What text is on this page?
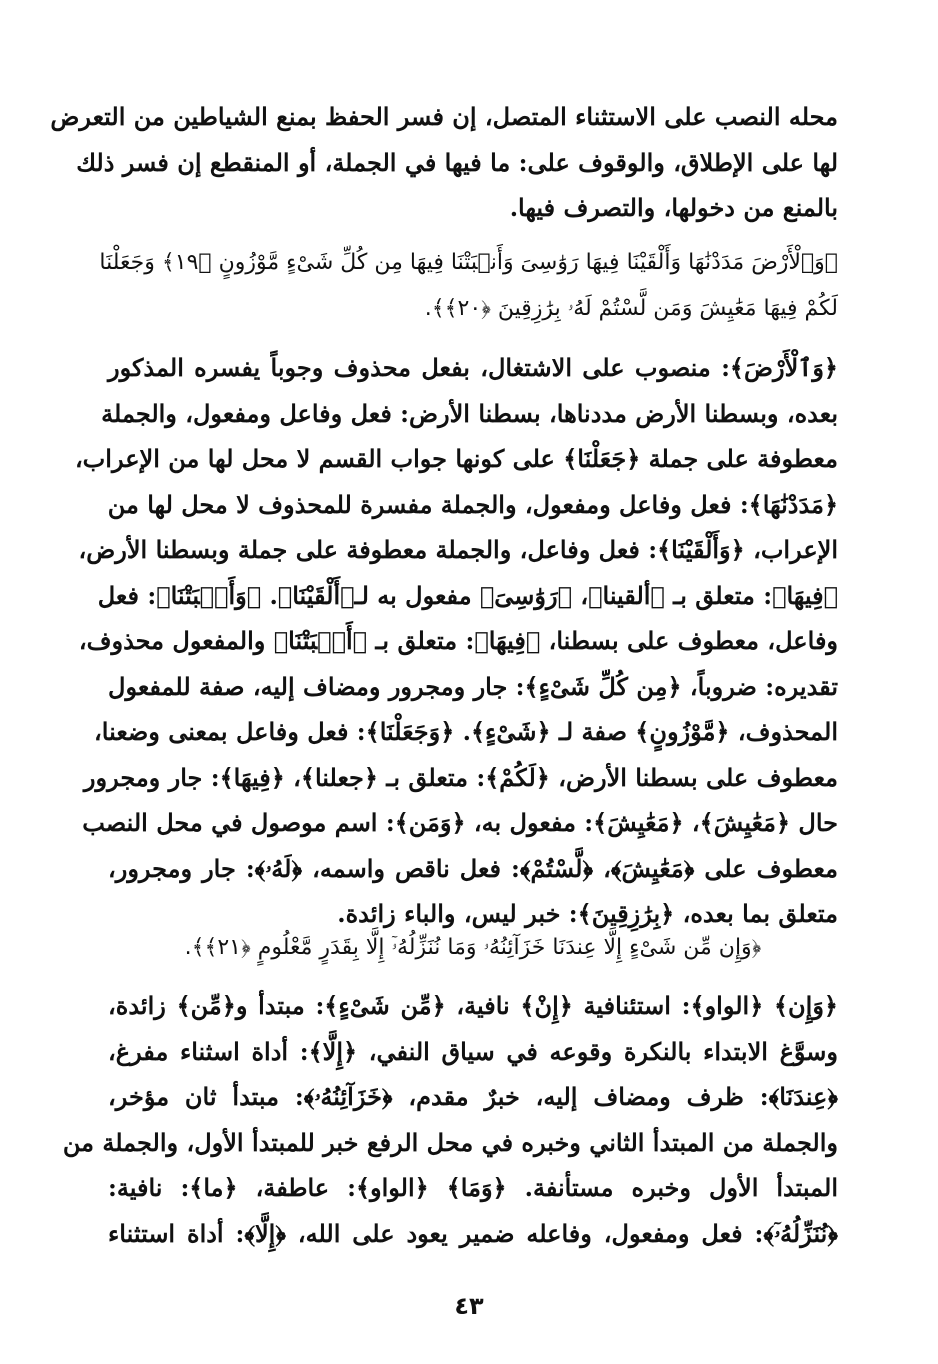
محله النصب على الاستثناء المتصل، إن فسر الحفظ بمنع الشياطين من التعرض
لها على الإطلاق، والوقوف على: ما فيها في الجملة، أو المنقطع إن فسر ذلك
بالمنع من دخولها، والتصرف فيها.
﴿وَٱلْأَرْضَ مَدَدْنَٰهَا وَأَلْقَيْنَا فِيهَا رَوَٰسِىَ وَأَنۢبَتْنَا فِيهَا مِن كُلِّ شَىْءٍ مَّوْزُونٍ ﴿١٩﴾ وَجَعَلْنَا
لَكُمْ فِيهَا مَعَٰيِشَ وَمَن لَّسْتُمْ لَهُۥ بِرَٰزِقِينَ ﴿٢٠﴾﴾.
﴿وَٱلْأَرْضَ﴾: منصوب على الاشتغال، بفعل محذوف وجوباً يفسره المذكور
بعده، وبسطنا الأرض مددناها، بسطنا الأرض: فعل وفاعل ومفعول، والجملة
معطوفة على جملة ﴿جَعَلْنَا﴾ على كونها جواب القسم لا محل لها من الإعراب،
﴿مَدَدْنَٰهَا﴾: فعل وفاعل ومفعول، والجملة مفسرة للمحذوف لا محل لها من
الإعراب، ﴿وَأَلْقَيْنَا﴾: فعل وفاعل، والجملة معطوفة على جملة وبسطنا الأرض،
﴿فِيهَا﴾: متعلق بـ ﴿ألقينا﴾، ﴿رَوَٰسِىَ﴾ مفعول به لـ﴿أَلْقَيْنَا﴾. ﴿وَأَنۢبَتْنَا﴾: فعل
وفاعل، معطوف على بسطنا، ﴿فِيهَا﴾: متعلق بـ ﴿أَنۢبَتْنَا﴾ والمفعول محذوف،
تقديره: ضروباً، ﴿مِن كُلِّ شَىْءٍ﴾: جار ومجرور ومضاف إليه، صفة للمفعول
المحذوف، ﴿مَّوْزُونٍ﴾ صفة لـ ﴿شَىْءٍ﴾. ﴿وَجَعَلْنَا﴾: فعل وفاعل بمعنى وضعنا،
معطوف على بسطنا الأرض، ﴿لَكُمْ﴾: متعلق بـ ﴿جعلنا﴾، ﴿فِيهَا﴾: جار ومجرور
حال ﴿مَعَٰيِشَ﴾، ﴿مَعَٰيِشَ﴾: مفعول به، ﴿وَمَن﴾: اسم موصول في محل النصب
معطوف على ﴿مَعَٰيِشَ﴾، ﴿لَّسْتُمْ﴾: فعل ناقص واسمه، ﴿لَهُۥ﴾: جار ومجرور،
متعلق بما بعده، ﴿بِرَٰزِقِينَ﴾: خبر ليس، والباء زائدة.
﴿وَإِن مِّن شَىْءٍ إِلَّا عِندَنَا خَزَآئِنُهُۥ وَمَا نُنَزِّلُهُۥٓ إِلَّا بِقَدَرٍ مَّعْلُومٍ ﴿٢١﴾﴾.
﴿وَإِن﴾ ﴿الواو﴾: استئنافية ﴿إِنْ﴾ نافية، ﴿مِّن شَىْءٍ﴾: مبتدأ و﴿مِّن﴾ زائدة،
وسوَّغ الابتداء بالنكرة وقوعه في سياق النفي، ﴿إِلَّا﴾: أداة اسثناء مفرغ،
﴿عِندَنَا﴾: ظرف ومضاف إليه، خبرٌ مقدم، ﴿خَزَآئِنُهُۥ﴾: مبتدأ ثان مؤخر،
والجملة من المبتدأ الثاني وخبره في محل الرفع خبر للمبتدأ الأول، والجملة من
المبتدأ الأول وخبره مستأنفة. ﴿وَمَا﴾ ﴿الواو﴾: عاطفة، ﴿ما﴾: نافية:
﴿نُنَزِّلُهُۥٓ﴾: فعل ومفعول، وفاعله ضمير يعود على الله، ﴿إِلَّا﴾: أداة استثناء
٤٣
